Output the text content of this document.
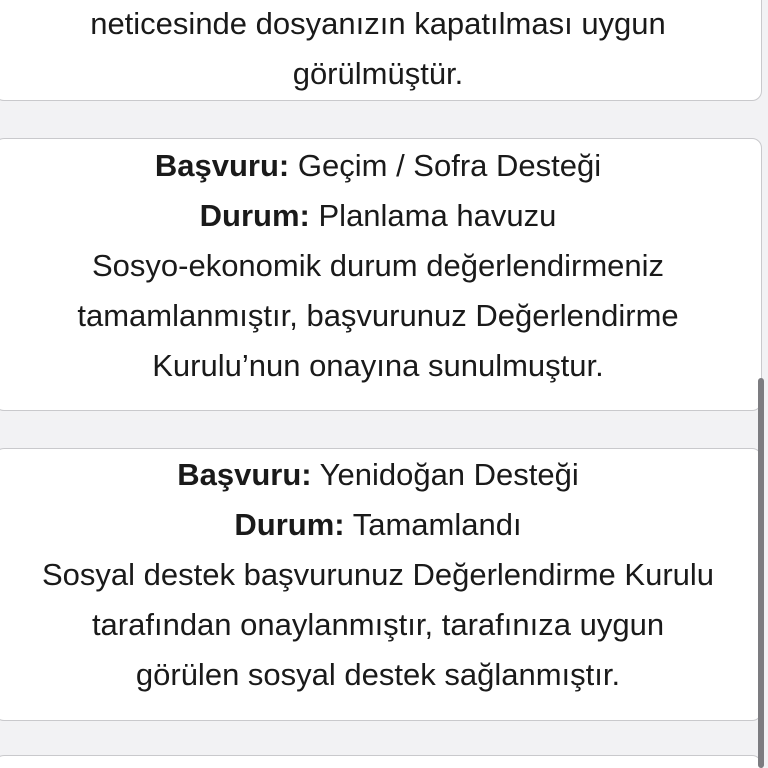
neticesinde dosyanızın kapatılması uygun

görülmüştür.

Başvuru: Geçim / Sofra Desteği

Durum: Planlama havuzu

Sosyo-ekonomik durum değerlendirmeniz

tamamlanmıştır, başvurunuz Değerlendirme

Kurulu’nun onayına sunulmuştur.

Başvuru: Yenidoğan Desteği

Durum: Tamamlandı

Sosyal destek başvurunuz Değerlendirme Kurulu

tarafından onaylanmıştır, tarafınıza uygun

görülen sosyal destek sağlanmıştır.
